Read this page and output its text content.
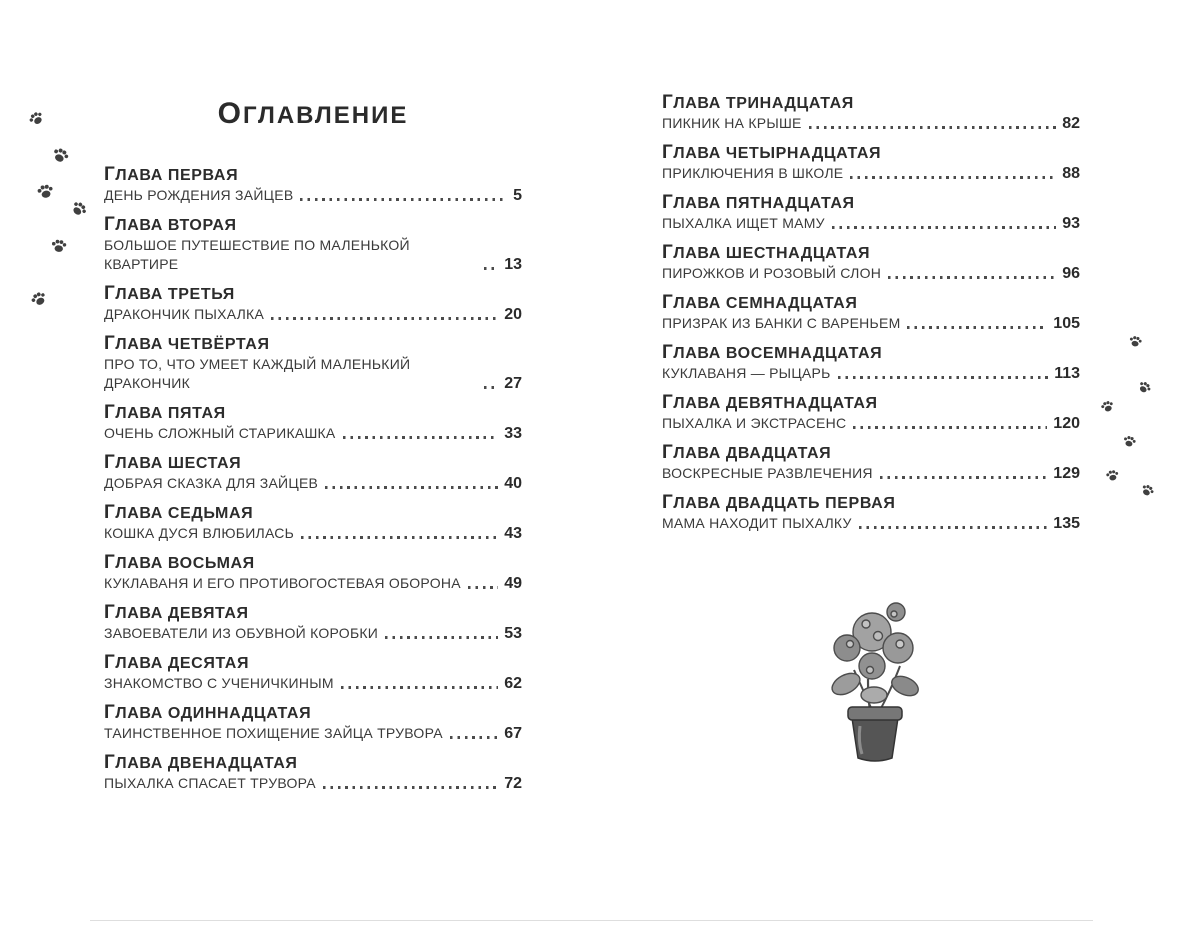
ОГЛАВЛЕНИЕ
ГЛАВА ПЕРВАЯ
ДЕНЬ РОЖДЕНИЯ ЗАЙЦЕВ	5
ГЛАВА ВТОРАЯ
БОЛЬШОЕ ПУТЕШЕСТВИЕ ПО МАЛЕНЬКОЙ КВАРТИРЕ	13
ГЛАВА ТРЕТЬЯ
ДРАКОНЧИК ПЫХАЛКА	20
ГЛАВА ЧЕТВЁРТАЯ
ПРО ТО, ЧТО УМЕЕТ КАЖДЫЙ МАЛЕНЬКИЙ ДРАКОНЧИК	27
ГЛАВА ПЯТАЯ
ОЧЕНЬ СЛОЖНЫЙ СТАРИКАШКА	33
ГЛАВА ШЕСТАЯ
ДОБРАЯ СКАЗКА ДЛЯ ЗАЙЦЕВ	40
ГЛАВА СЕДЬМАЯ
КОШКА ДУСЯ ВЛЮБИЛАСЬ	43
ГЛАВА ВОСЬМАЯ
КУКЛАВАНЯ И ЕГО ПРОТИВОГОСТЕВАЯ ОБОРОНА	49
ГЛАВА ДЕВЯТАЯ
ЗАВОЕВАТЕЛИ ИЗ ОБУВНОЙ КОРОБКИ	53
ГЛАВА ДЕСЯТАЯ
ЗНАКОМСТВО С УЧЕНИЧКИНЫМ	62
ГЛАВА ОДИННАДЦАТАЯ
ТАИНСТВЕННОЕ ПОХИЩЕНИЕ ЗАЙЦА ТРУВОРА	67
ГЛАВА ДВЕНАДЦАТАЯ
ПЫХАЛКА СПАСАЕТ ТРУВОРА	72
ГЛАВА ТРИНАДЦАТАЯ
ПИКНИК НА КРЫШЕ	82
ГЛАВА ЧЕТЫРНАДЦАТАЯ
ПРИКЛЮЧЕНИЯ В ШКОЛЕ	88
ГЛАВА ПЯТНАДЦАТАЯ
ПЫХАЛКА ИЩЕТ МАМУ	93
ГЛАВА ШЕСТНАДЦАТАЯ
ПИРОЖКОВ И РОЗОВЫЙ СЛОН	96
ГЛАВА СЕМНАДЦАТАЯ
ПРИЗРАК ИЗ БАНКИ С ВАРЕНЬЕМ	105
ГЛАВА ВОСЕМНАДЦАТАЯ
КУКЛАВАНЯ — РЫЦАРЬ	113
ГЛАВА ДЕВЯТНАДЦАТАЯ
ПЫХАЛКА И ЭКСТРАСЕНС	120
ГЛАВА ДВАДЦАТАЯ
ВОСКРЕСНЫЕ РАЗВЛЕЧЕНИЯ	129
ГЛАВА ДВАДЦАТЬ ПЕРВАЯ
МАМА НАХОДИТ ПЫХАЛКУ	135
